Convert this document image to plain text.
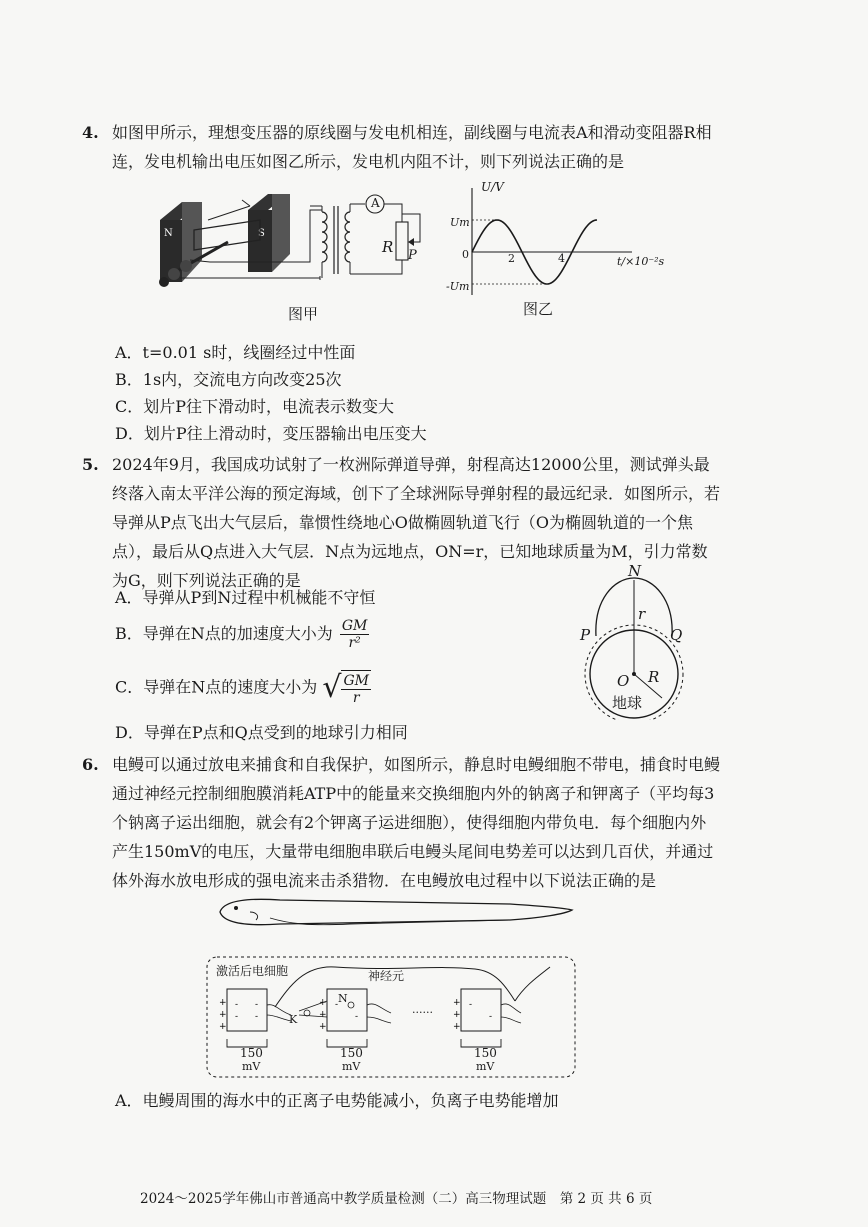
4. 如图甲所示，理想变压器的原线圈与发电机相连，副线圈与电流表A和滑动变阻器R相连，发电机输出电压如图乙所示，发电机内阻不计，则下列说法正确的是
N	S
A
R P
图甲
U/V
t/×10⁻²s
Um
0
-Um
2	4
图乙
A．t=0.01 s时，线圈经过中性面
B．1s内，交流电方向改变25次
C．划片P往下滑动时，电流表示数变大
D．划片P往上滑动时，变压器输出电压变大
5. 2024年9月，我国成功试射了一枚洲际弹道导弹，射程高达12000公里，测试弹头最终落入南太平洋公海的预定海域，创下了全球洲际导弹射程的最远纪录．如图所示，若导弹从P点飞出大气层后，靠惯性绕地心O做椭圆轨道飞行（O为椭圆轨道的一个焦点），最后从Q点进入大气层．N点为远地点，ON=r，已知地球质量为M，引力常数为G，则下列说法正确的是
A．导弹从P到N过程中机械能不守恒
B．导弹在N点的加速度大小为 $\frac{GM}{\text{r²}}$
C．导弹在N点的速度大小为 √ $\frac{GM}{r}$
D．导弹在P点和Q点受到的地球引力相同
N
P	Q
r
O R
地球
6. 电鳗可以通过放电来捕食和自我保护，如图所示，静息时电鳗细胞不带电，捕食时电鳗通过神经元控制细胞膜消耗ATP中的能量来交换细胞内外的钠离子和钾离子（平均每3个钠离子运出细胞，就会有2个钾离子运进细胞），使得细胞内带负电．每个细胞内外产生150mV的电压，大量带电细胞串联后电鳗头尾间电势差可以达到几百伏，并通过体外海水放电形成的强电流来击杀猎物．在电鳗放电过程中以下说法正确的是
+
+
+
-
-
-
-
+
+
+
-
-
+
+
+
-
-
激活后电细胞	神经元
N
K
......
150
mV
150
mV
150
mV
A．电鳗周围的海水中的正离子电势能减小，负离子电势能增加
2024～2025学年佛山市普通高中教学质量检测（二）高三物理试题　第 2 页 共 6 页
